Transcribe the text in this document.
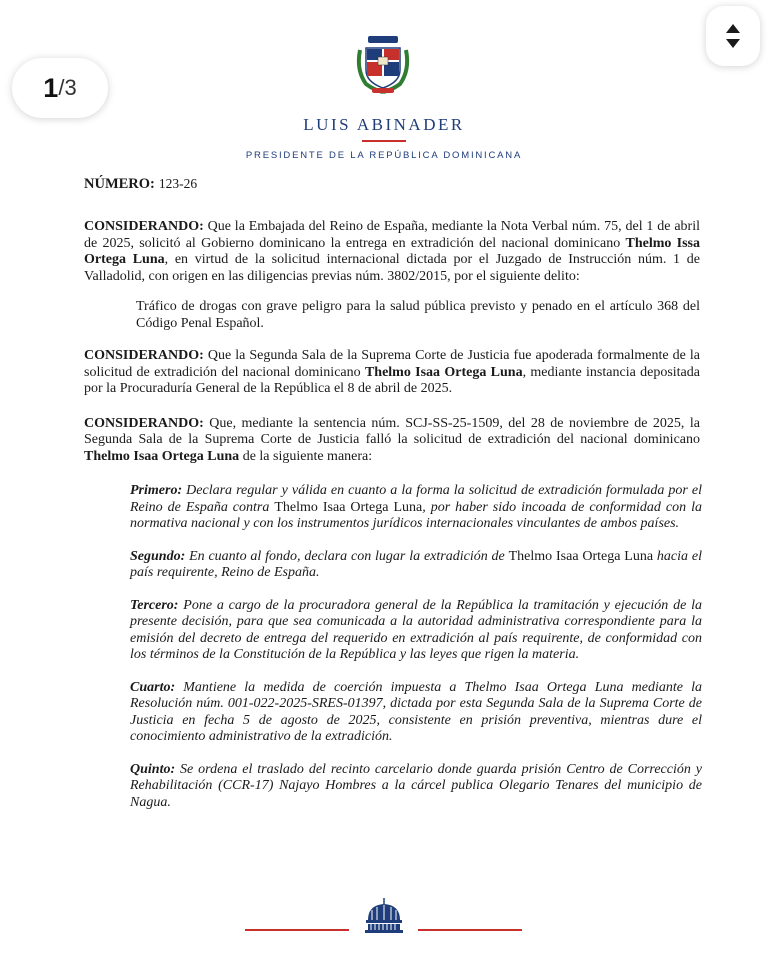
1 / 3
LUIS ABINADER
PRESIDENTE DE LA REPÚBLICA DOMINICANA
NÚMERO: 123-26

CONSIDERANDO: Que la Embajada del Reino de España, mediante la Nota Verbal núm. 75, del 1 de abril de 2025, solicitó al Gobierno dominicano la entrega en extradición del nacional dominicano Thelmo Issa Ortega Luna, en virtud de la solicitud internacional dictada por el Juzgado de Instrucción núm. 1 de Valladolid, con origen en las diligencias previas núm. 3802/2015, por el siguiente delito:

Tráfico de drogas con grave peligro para la salud pública previsto y penado en el artículo 368 del Código Penal Español.

CONSIDERANDO: Que la Segunda Sala de la Suprema Corte de Justicia fue apoderada formalmente de la solicitud de extradición del nacional dominicano Thelmo Isaa Ortega Luna, mediante instancia depositada por la Procuraduría General de la República el 8 de abril de 2025.

CONSIDERANDO: Que, mediante la sentencia núm. SCJ-SS-25-1509, del 28 de noviembre de 2025, la Segunda Sala de la Suprema Corte de Justicia falló la solicitud de extradición del nacional dominicano Thelmo Isaa Ortega Luna de la siguiente manera:

Primero: Declara regular y válida en cuanto a la forma la solicitud de extradición formulada por el Reino de España contra Thelmo Isaa Ortega Luna, por haber sido incoada de conformidad con la normativa nacional y con los instrumentos jurídicos internacionales vinculantes de ambos países.

Segundo: En cuanto al fondo, declara con lugar la extradición de Thelmo Isaa Ortega Luna hacia el país requirente, Reino de España.

Tercero: Pone a cargo de la procuradora general de la República la tramitación y ejecución de la presente decisión, para que sea comunicada a la autoridad administrativa correspondiente para la emisión del decreto de entrega del requerido en extradición al país requirente, de conformidad con los términos de la Constitución de la República y las leyes que rigen la materia.

Cuarto: Mantiene la medida de coerción impuesta a Thelmo Isaa Ortega Luna mediante la Resolución núm. 001-022-2025-SRES-01397, dictada por esta Segunda Sala de la Suprema Corte de Justicia en fecha 5 de agosto de 2025, consistente en prisión preventiva, mientras dure el conocimiento administrativo de la extradición.

Quinto: Se ordena el traslado del recinto carcelario donde guarda prisión Centro de Corrección y Rehabilitación (CCR-17) Najayo Hombres a la cárcel publica Olegario Tenares del municipio de Nagua.
